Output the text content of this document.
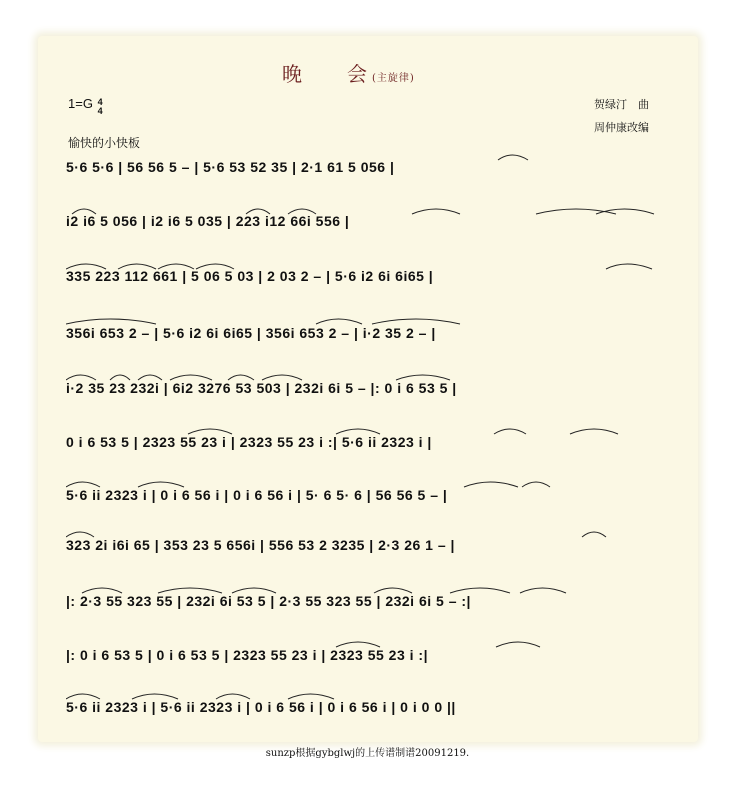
晚 会 (主旋律)
1=G 4
4	贺绿汀　曲
周仲康改编
愉快的小快板
5·6 5·6 | 56 56 5 – | 5·6 53 52 35 | 2·1 61 5 056 |
i2 i6 5 056 | i2 i6 5 035 | 223 i12 66i 556 |
335 223 112 661 | 5 06 5 03 | 2 03 2 – | 5·6 i2 6i 6i65 |
356i 653 2 – | 5·6 i2 6i 6i65 | 356i 653 2 – | i·2 35 2 – |
i·2 35 23 232i | 6i2 3276 53 503 | 232i 6i 5 – |: 0 i 6 53 5 |
0 i 6 53 5 | 2323 55 23 i | 2323 55 23 i :| 5·6 ii 2323 i |
5·6 ii 2323 i | 0 i 6 56 i | 0 i 6 56 i | 5· 6 5· 6 | 56 56 5 – |
323 2i i6i 65 | 353 23 5 656i | 556 53 2 3235 | 2·3 26 1 – |
|: 2·3 55 323 55 | 232i 6i 53 5 | 2·3 55 323 55 | 232i 6i 5 – :|
|: 0 i 6 53 5 | 0 i 6 53 5 | 2323 55 23 i | 2323 55 23 i :|
5·6 ii 2323 i | 5·6 ii 2323 i | 0 i 6 56 i | 0 i 6 56 i | 0 i 0 0 ||
sunzp根据gybglwj的上传谱制谱20091219.
